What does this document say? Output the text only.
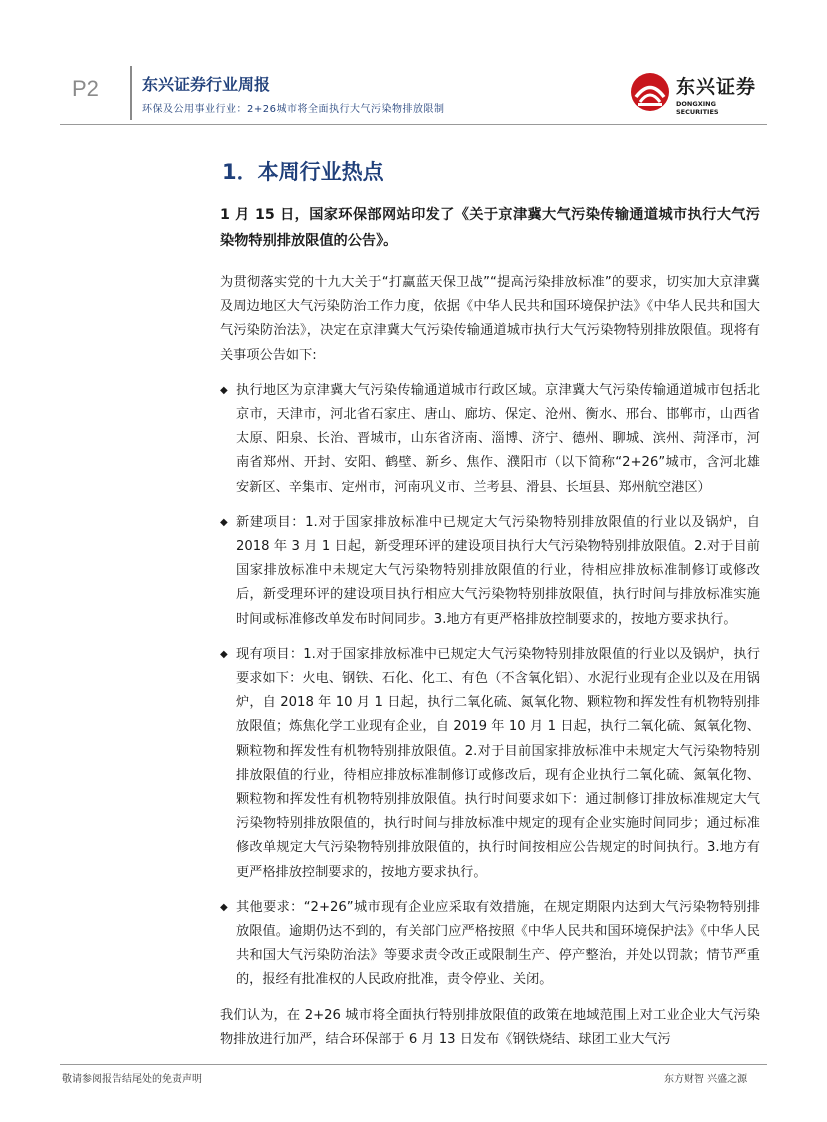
P2	东兴证券行业周报
环保及公用事业行业：2+26城市将全面执行大气污染物排放限制
东兴证券
DONGXING SECURITIES
1．本周行业热点

1 月 15 日，国家环保部网站印发了《关于京津冀大气污染传输通道城市执行大气污染物特别排放限值的公告》。

为贯彻落实党的十九大关于“打赢蓝天保卫战”“提高污染排放标准”的要求，切实加大京津冀及周边地区大气污染防治工作力度，依据《中华人民共和国环境保护法》《中华人民共和国大气污染防治法》，决定在京津冀大气污染传输通道城市执行大气污染物特别排放限值。现将有关事项公告如下:

◆ 执行地区为京津冀大气污染传输通道城市行政区域。京津冀大气污染传输通道城市包括北京市，天津市，河北省石家庄、唐山、廊坊、保定、沧州、衡水、邢台、邯郸市，山西省太原、阳泉、长治、晋城市，山东省济南、淄博、济宁、德州、聊城、滨州、菏泽市，河南省郑州、开封、安阳、鹤壁、新乡、焦作、濮阳市（以下简称“2+26”城市，含河北雄安新区、辛集市、定州市，河南巩义市、兰考县、滑县、长垣县、郑州航空港区）
◆ 新建项目：1.对于国家排放标准中已规定大气污染物特别排放限值的行业以及锅炉，自 2018 年 3 月 1 日起，新受理环评的建设项目执行大气污染物特别排放限值。2.对于目前国家排放标准中未规定大气污染物特别排放限值的行业，待相应排放标准制修订或修改后，新受理环评的建设项目执行相应大气污染物特别排放限值，执行时间与排放标准实施时间或标准修改单发布时间同步。3.地方有更严格排放控制要求的，按地方要求执行。
◆ 现有项目：1.对于国家排放标准中已规定大气污染物特别排放限值的行业以及锅炉，执行要求如下：火电、钢铁、石化、化工、有色（不含氧化铝）、水泥行业现有企业以及在用锅炉，自 2018 年 10 月 1 日起，执行二氧化硫、氮氧化物、颗粒物和挥发性有机物特别排放限值；炼焦化学工业现有企业，自 2019 年 10 月 1 日起，执行二氧化硫、氮氧化物、颗粒物和挥发性有机物特别排放限值。2.对于目前国家排放标准中未规定大气污染物特别排放限值的行业，待相应排放标准制修订或修改后，现有企业执行二氧化硫、氮氧化物、颗粒物和挥发性有机物特别排放限值。执行时间要求如下：通过制修订排放标准规定大气污染物特别排放限值的，执行时间与排放标准中规定的现有企业实施时间同步；通过标准修改单规定大气污染物特别排放限值的，执行时间按相应公告规定的时间执行。3.地方有更严格排放控制要求的，按地方要求执行。
◆ 其他要求：“2+26”城市现有企业应采取有效措施，在规定期限内达到大气污染物特别排放限值。逾期仍达不到的，有关部门应严格按照《中华人民共和国环境保护法》《中华人民共和国大气污染防治法》等要求责令改正或限制生产、停产整治，并处以罚款；情节严重的，报经有批准权的人民政府批准，责令停业、关闭。

我们认为，在 2+26 城市将全面执行特别排放限值的政策在地域范围上对工业企业大气污染物排放进行加严，结合环保部于 6 月 13 日发布《钢铁烧结、球团工业大气污

敬请参阅报告结尾处的免责声明	东方财智 兴盛之源
